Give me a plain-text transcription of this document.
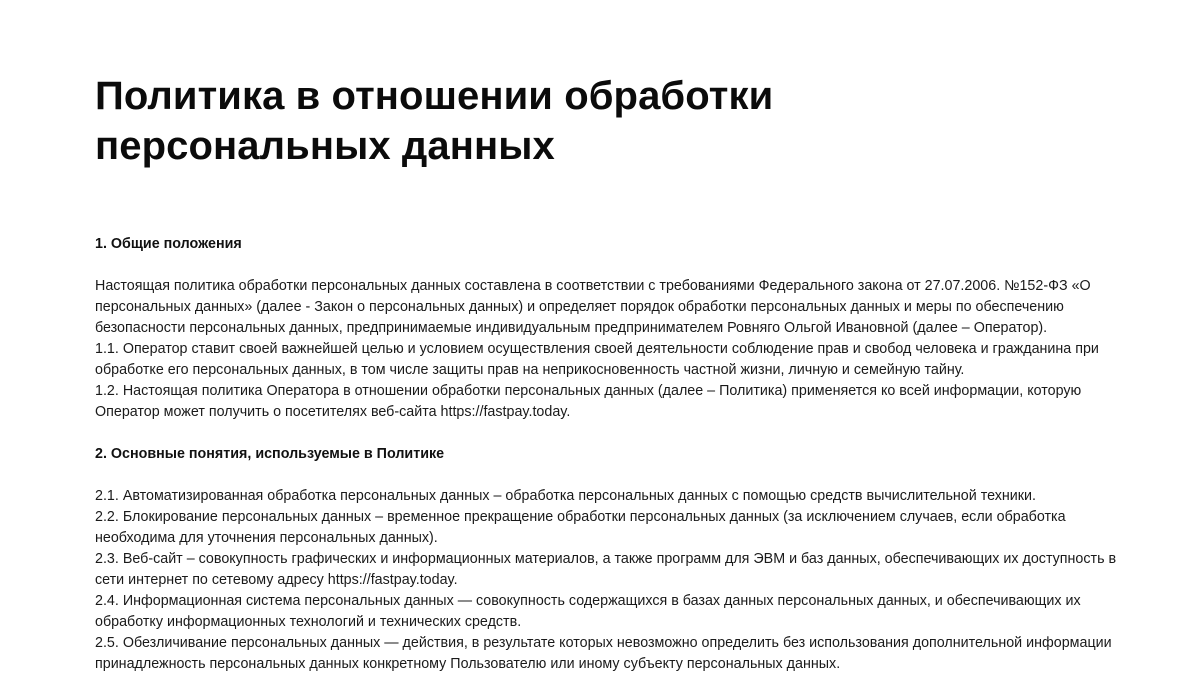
Политика в отношении обработки
персональных данных
1. Общие положения
Настоящая политика обработки персональных данных составлена в соответствии с требованиями Федерального закона от 27.07.2006. №152-ФЗ «О
персональных данных» (далее - Закон о персональных данных) и определяет порядок обработки персональных данных и меры по обеспечению
безопасности персональных данных, предпринимаемые индивидуальным предпринимателем Ровняго Ольгой Ивановной (далее – Оператор).
1.1. Оператор ставит своей важнейшей целью и условием осуществления своей деятельности соблюдение прав и свобод человека и гражданина при
обработке его персональных данных, в том числе защиты прав на неприкосновенность частной жизни, личную и семейную тайну.
1.2. Настоящая политика Оператора в отношении обработки персональных данных (далее – Политика) применяется ко всей информации, которую
Оператор может получить о посетителях веб-сайта https://fastpay.today.
2. Основные понятия, используемые в Политике
2.1. Автоматизированная обработка персональных данных – обработка персональных данных с помощью средств вычислительной техники.
2.2. Блокирование персональных данных – временное прекращение обработки персональных данных (за исключением случаев, если обработка
необходима для уточнения персональных данных).
2.3. Веб-сайт – совокупность графических и информационных материалов, а также программ для ЭВМ и баз данных, обеспечивающих их доступность в
сети интернет по сетевому адресу https://fastpay.today.
2.4. Информационная система персональных данных — совокупность содержащихся в базах данных персональных данных, и обеспечивающих их
обработку информационных технологий и технических средств.
2.5. Обезличивание персональных данных — действия, в результате которых невозможно определить без использования дополнительной информации
принадлежность персональных данных конкретному Пользователю или иному субъекту персональных данных.
